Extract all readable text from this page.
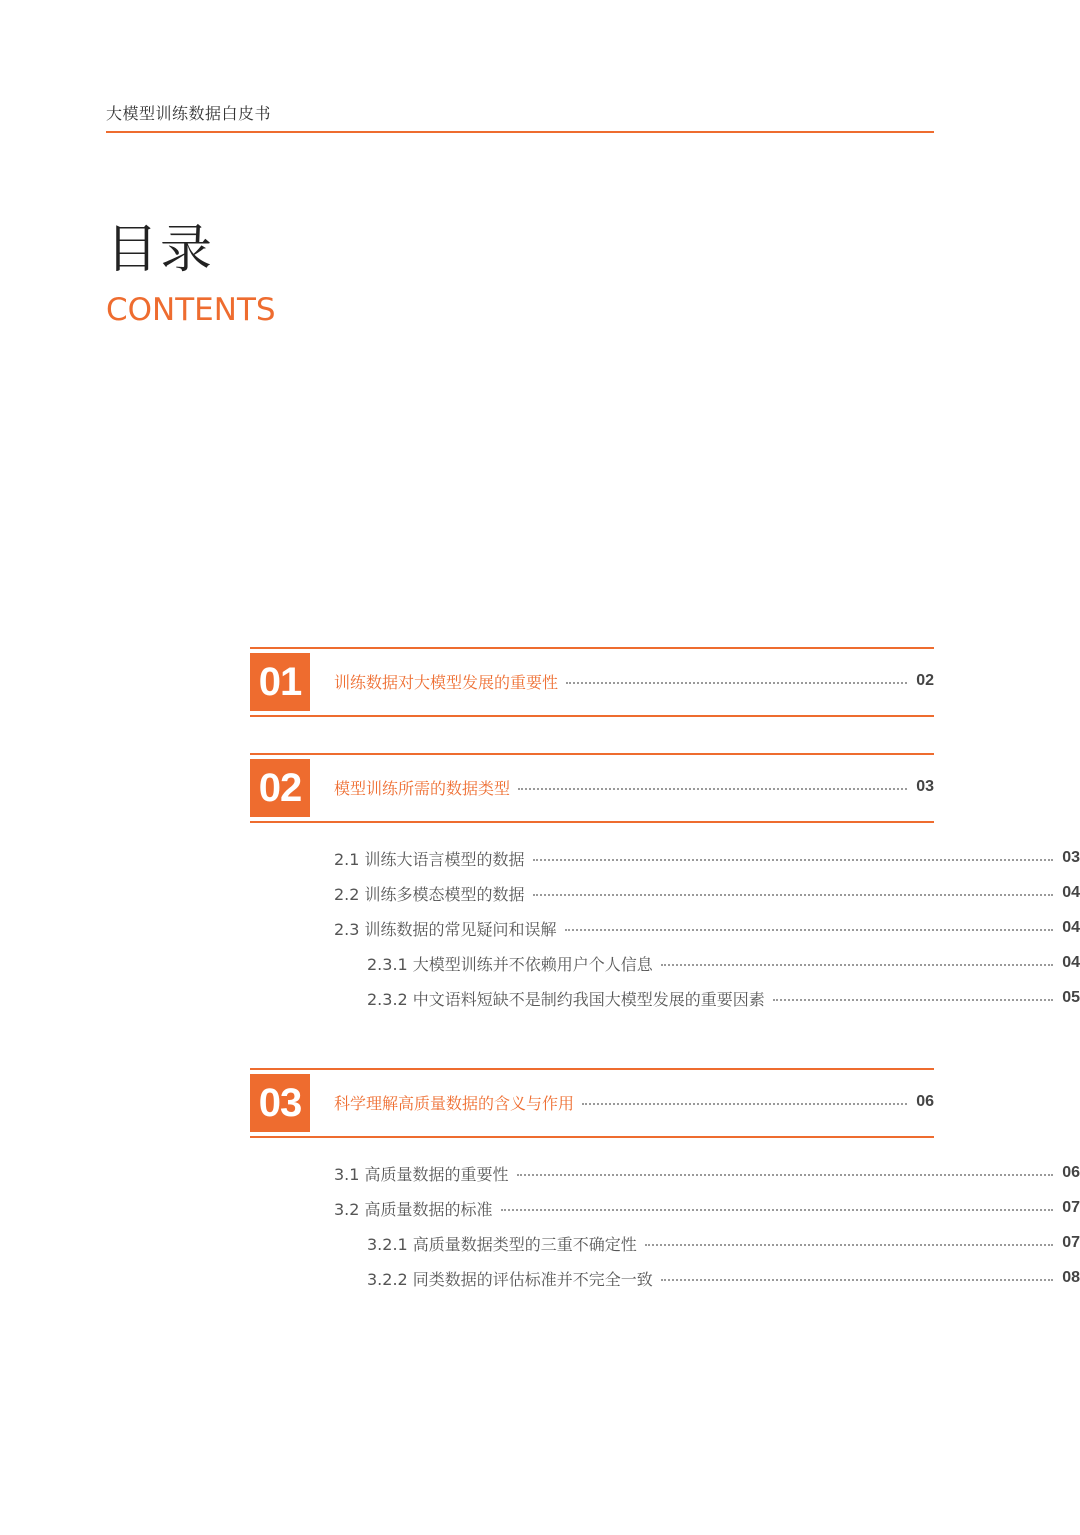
大模型训练数据白皮书
目录
CONTENTS
01	训练数据对大模型发展的重要性	02
02	模型训练所需的数据类型	03
2.1 训练大语言模型的数据	03
2.2 训练多模态模型的数据	04
2.3 训练数据的常见疑问和误解	04
2.3.1 大模型训练并不依赖用户个人信息	04
2.3.2 中文语料短缺不是制约我国大模型发展的重要因素	05
03	科学理解高质量数据的含义与作用	06
3.1 高质量数据的重要性	06
3.2 高质量数据的标准	07
3.2.1 高质量数据类型的三重不确定性	07
3.2.2 同类数据的评估标准并不完全一致	08
